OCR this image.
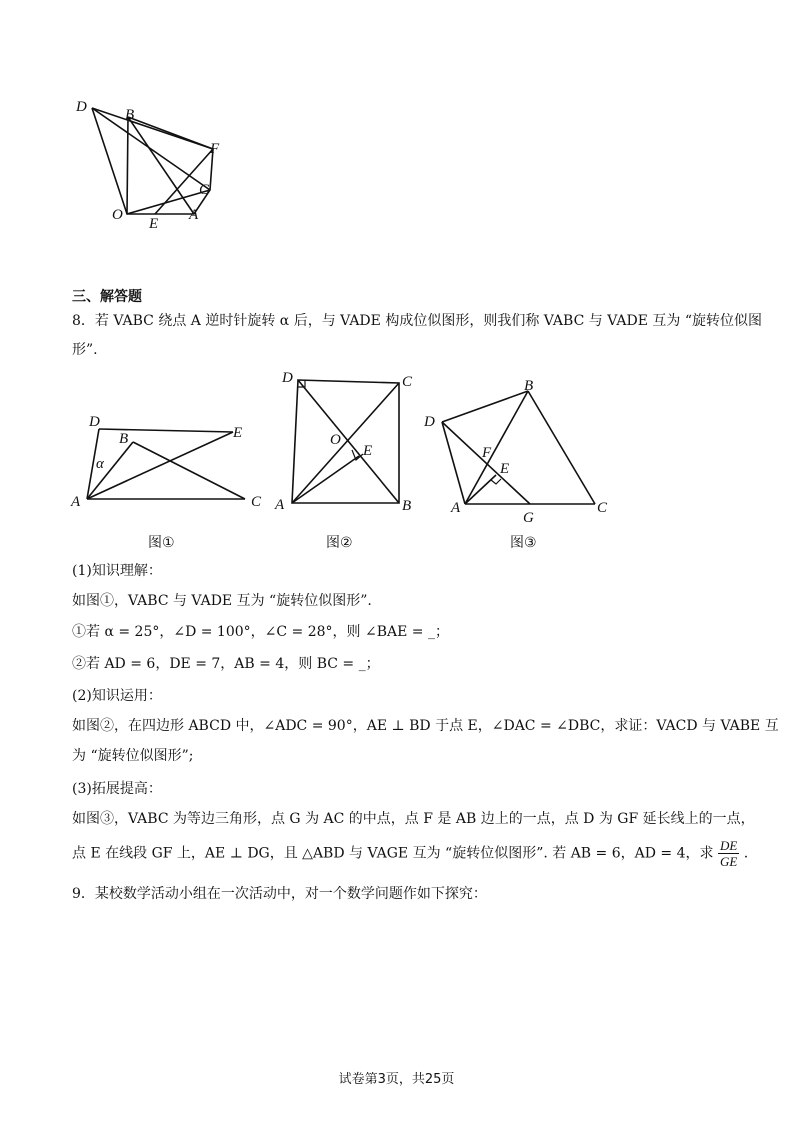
D	B
F
C
O	A
E
三、解答题
8．若 VABC 绕点 A 逆时针旋转 α 后，与 VADE 构成位似图形，则我们称 VABC 与 VADE 互为 “旋转位似图
形”.
D
B	E
α
A	C
图①
D	C
O
E
A	B
图②
B
D
F
E
A
G
C
图③
(1)知识理解：
如图①，VABC 与 VADE 互为 “旋转位似图形”.
①若 α = 25°，∠D = 100°，∠C = 28°，则 ∠BAE = _；
②若 AD = 6，DE = 7，AB = 4，则 BC = _；
(2)知识运用：
如图②，在四边形 ABCD 中，∠ADC = 90°，AE ⊥ BD 于点 E，∠DAC = ∠DBC，求证：VACD 与 VABE 互
为 “旋转位似图形”;
(3)拓展提高：
如图③，VABC 为等边三角形，点 G 为 AC 的中点，点 F 是 AB 边上的一点，点 D 为 GF 延长线上的一点，
点 E 在线段 GF 上，AE ⊥ DG，且 △ABD 与 VAGE 互为 “旋转位似图形”. 若 AB = 6，AD = 4，求 $\frac{DE}{GE}$ .
9．某校数学活动小组在一次活动中，对一个数学问题作如下探究：
试卷第3页，共25页
